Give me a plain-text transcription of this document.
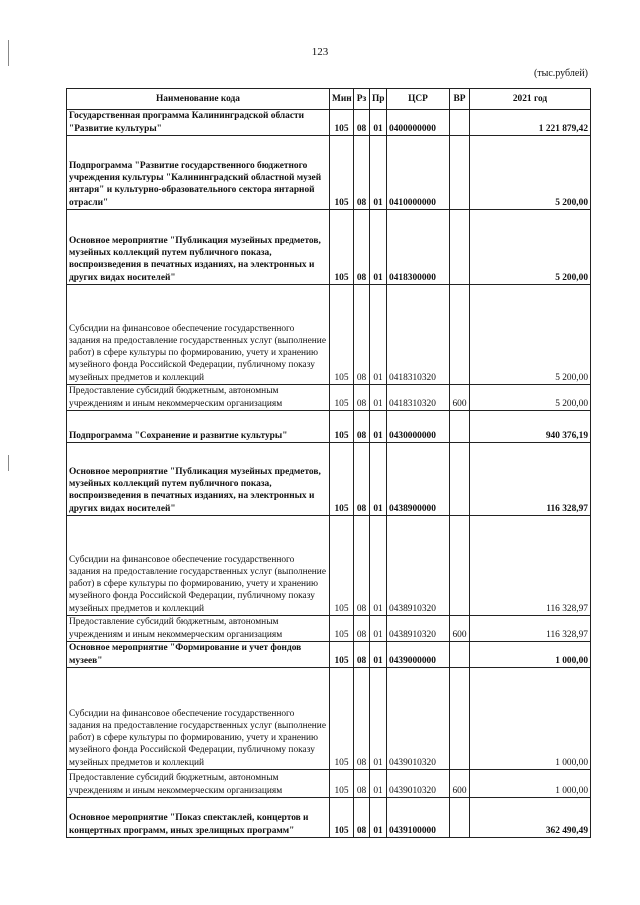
123
(тыс.рублей)
Наименование кода	Мин	Рз	Пр	ЦСР	ВР	2021 год
Государственная программа Калининградской области "Развитие культуры"	105	08	01	0400000000		1 221 879,42
Подпрограмма "Развитие государственного бюджетного учреждения культуры "Калининградский областной музей янтаря" и культурно-образовательного сектора янтарной отрасли"	105	08	01	0410000000		5 200,00
Основное мероприятие "Публикация музейных предметов, музейных коллекций путем публичного показа, воспроизведения в печатных изданиях, на электронных и других видах носителей"	105	08	01	0418300000		5 200,00
Субсидии на финансовое обеспечение государственного задания на предоставление государственных услуг (выполнение работ) в сфере культуры по формированию, учету и хранению музейного фонда Российской Федерации, публичному показу музейных предметов и коллекций	105	08	01	0418310320		5 200,00
Предоставление субсидий бюджетным, автономным учреждениям и иным некоммерческим организациям	105	08	01	0418310320	600	5 200,00
Подпрограмма "Сохранение и развитие культуры"	105	08	01	0430000000		940 376,19
Основное мероприятие "Публикация музейных предметов, музейных коллекций путем публичного показа, воспроизведения в печатных изданиях, на электронных и других видах носителей"	105	08	01	0438900000		116 328,97
Субсидии на финансовое обеспечение государственного задания на предоставление государственных услуг (выполнение работ) в сфере культуры по формированию, учету и хранению музейного фонда Российской Федерации, публичному показу музейных предметов и коллекций	105	08	01	0438910320		116 328,97
Предоставление субсидий бюджетным, автономным учреждениям и иным некоммерческим организациям	105	08	01	0438910320	600	116 328,97
Основное мероприятие "Формирование и учет фондов музеев"	105	08	01	0439000000		1 000,00
Субсидии на финансовое обеспечение государственного задания на предоставление государственных услуг (выполнение работ) в сфере культуры по формированию, учету и хранению музейного фонда Российской Федерации, публичному показу музейных предметов и коллекций	105	08	01	0439010320		1 000,00
Предоставление субсидий бюджетным, автономным учреждениям и иным некоммерческим организациям	105	08	01	0439010320	600	1 000,00
Основное мероприятие "Показ спектаклей, концертов и концертных программ, иных зрелищных программ"	105	08	01	0439100000		362 490,49
